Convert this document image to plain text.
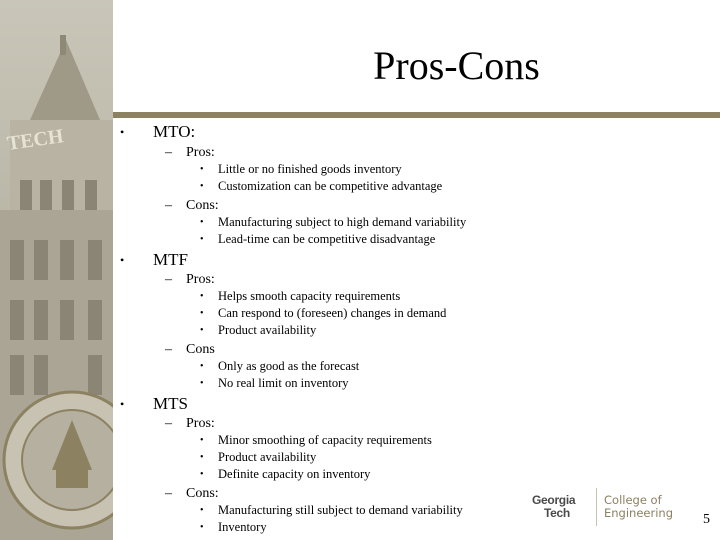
TECH
Pros-Cons
•	MTO:
– Pros:
• Little or no finished goods inventory
• Customization can be competitive advantage
– Cons:
• Manufacturing subject to high demand variability
• Lead-time can be competitive disadvantage
•	MTF
– Pros:
• Helps smooth capacity requirements
• Can respond to (foreseen) changes in demand
• Product availability
– Cons
• Only as good as the forecast
• No real limit on inventory
•	MTS
– Pros:
• Minor smoothing of capacity requirements
• Product availability
• Definite capacity on inventory
– Cons:
• Manufacturing still subject to demand variability
• Inventory
Georgia
Tech
College of
Engineering 5
